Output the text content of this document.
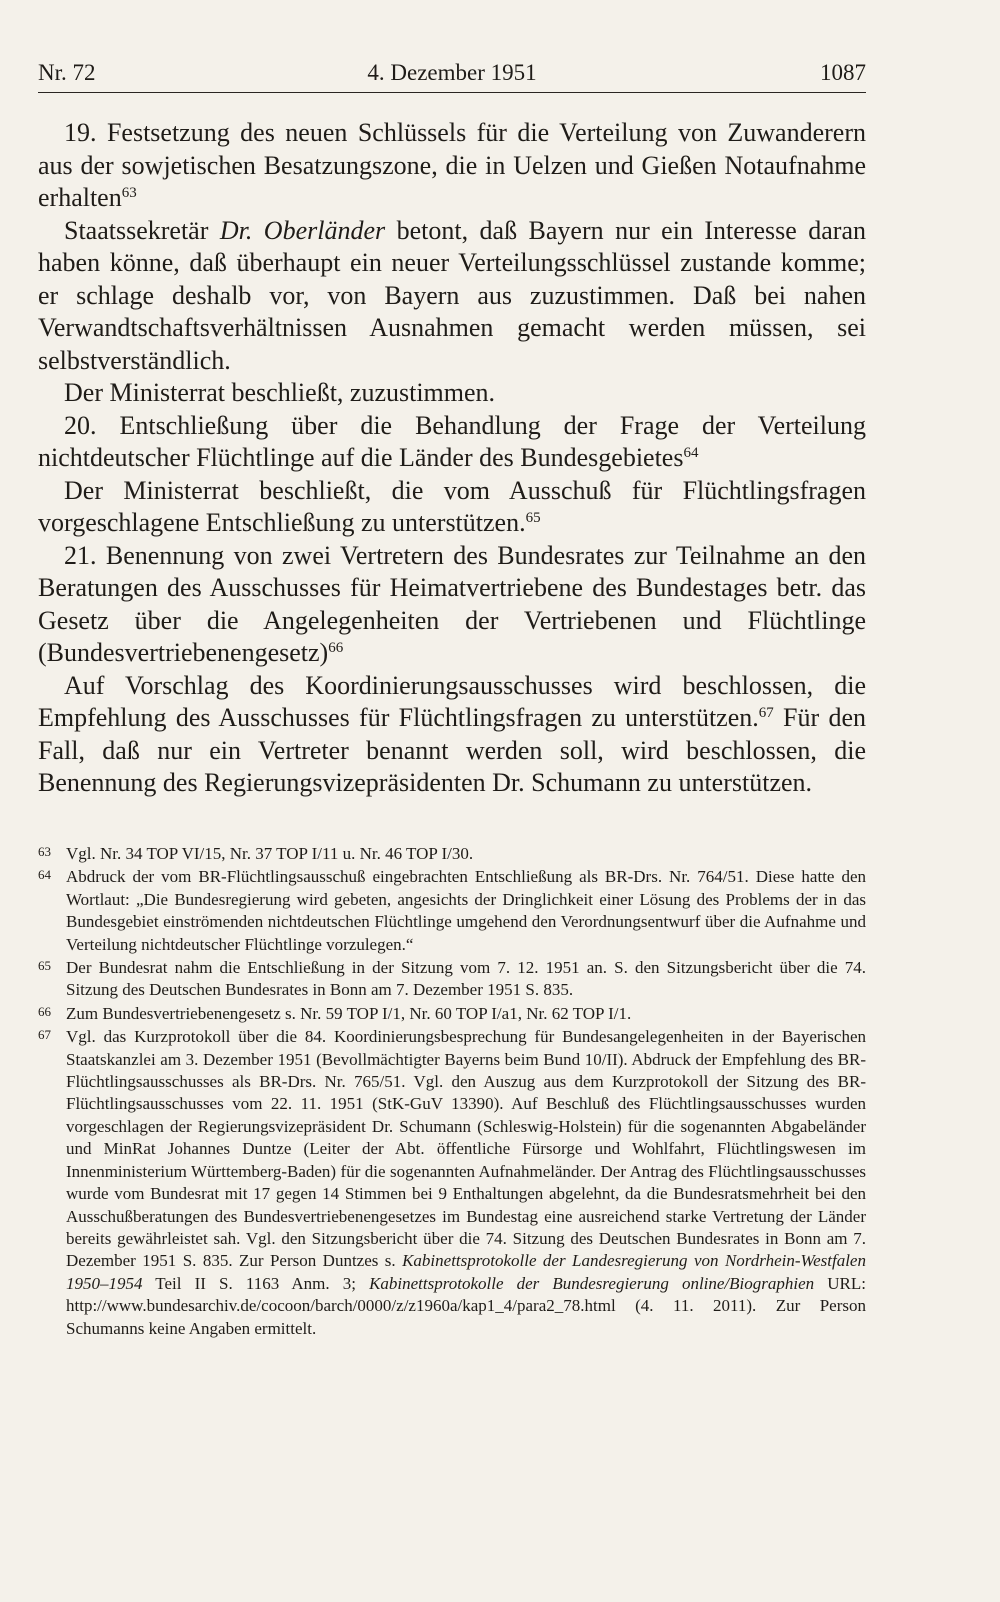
4. Dezember 1951
Nr. 72	1087

19. Festsetzung des neuen Schlüssels für die Verteilung von Zuwanderern aus der sowjetischen Besatzungszone, die in Uelzen und Gießen Notaufnahme erhalten$^{63}$

Staatssekretär Dr. Oberländer betont, daß Bayern nur ein Interesse daran haben könne, daß überhaupt ein neuer Verteilungsschlüssel zustande komme; er schlage deshalb vor, von Bayern aus zuzustimmen. Daß bei nahen Verwandtschaftsverhältnissen Ausnahmen gemacht werden müssen, sei selbstverständlich.

Der Ministerrat beschließt, zuzustimmen.

20. Entschließung über die Behandlung der Frage der Verteilung nichtdeutscher Flüchtlinge auf die Länder des Bundesgebietes$^{64}$

Der Ministerrat beschließt, die vom Ausschuß für Flüchtlingsfragen vorgeschlagene Entschließung zu unterstützen.$^{65}$

21. Benennung von zwei Vertretern des Bundesrates zur Teilnahme an den Beratungen des Ausschusses für Heimatvertriebene des Bundestages betr. das Gesetz über die Angelegenheiten der Vertriebenen und Flüchtlinge (Bundesvertriebenengesetz)$^{66}$

Auf Vorschlag des Koordinierungsausschusses wird beschlossen, die Empfehlung des Ausschusses für Flüchtlingsfragen zu unterstützen.$^{67}$ Für den Fall, daß nur ein Vertreter benannt werden soll, wird beschlossen, die Benennung des Regierungsvizepräsidenten Dr. Schumann zu unterstützen.

63 Vgl. Nr. 34 TOP VI/15, Nr. 37 TOP I/11 u. Nr. 46 TOP I/30.
64 Abdruck der vom BR-Flüchtlingsausschuß eingebrachten Entschließung als BR-Drs. Nr. 764/51. Diese hatte den Wortlaut: „Die Bundesregierung wird gebeten, angesichts der Dringlichkeit einer Lösung des Problems der in das Bundesgebiet einströmenden nichtdeutschen Flüchtlinge umgehend den Verordnungsentwurf über die Aufnahme und Verteilung nichtdeutscher Flüchtlinge vorzulegen.“
65 Der Bundesrat nahm die Entschließung in der Sitzung vom 7. 12. 1951 an. S. den Sitzungsbericht über die 74. Sitzung des Deutschen Bundesrates in Bonn am 7. Dezember 1951 S. 835.
66 Zum Bundesvertriebenengesetz s. Nr. 59 TOP I/1, Nr. 60 TOP I/a1, Nr. 62 TOP I/1.
67 Vgl. das Kurzprotokoll über die 84. Koordinierungsbesprechung für Bundesangelegenheiten in der Bayerischen Staatskanzlei am 3. Dezember 1951 (Bevollmächtigter Bayerns beim Bund 10/II). Abdruck der Empfehlung des BR-Flüchtlingsausschusses als BR-Drs. Nr. 765/51. Vgl. den Auszug aus dem Kurzprotokoll der Sitzung des BR-Flüchtlingsausschusses vom 22. 11. 1951 (StK-GuV 13390). Auf Beschluß des Flüchtlingsausschusses wurden vorgeschlagen der Regierungsvizepräsident Dr. Schumann (Schleswig-Holstein) für die sogenannten Abgabeländer und MinRat Johannes Duntze (Leiter der Abt. öffentliche Fürsorge und Wohlfahrt, Flüchtlingswesen im Innenministerium Württemberg-Baden) für die sogenannten Aufnahmeländer. Der Antrag des Flüchtlingsausschusses wurde vom Bundesrat mit 17 gegen 14 Stimmen bei 9 Enthaltungen abgelehnt, da die Bundesratsmehrheit bei den Ausschußberatungen des Bundesvertriebenengesetzes im Bundestag eine ausreichend starke Vertretung der Länder bereits gewährleistet sah. Vgl. den Sitzungsbericht über die 74. Sitzung des Deutschen Bundesrates in Bonn am 7. Dezember 1951 S. 835. Zur Person Duntzes s. Kabinettsprotokolle der Landesregierung von Nordrhein-Westfalen 1950–1954 Teil II S. 1163 Anm. 3; Kabinettsprotokolle der Bundesregierung online/Biographien URL: http://www.bundesarchiv.de/cocoon/barch/0000/z/z1960a/kap1_4/para2_78.html (4. 11. 2011). Zur Person Schumanns keine Angaben ermittelt.
